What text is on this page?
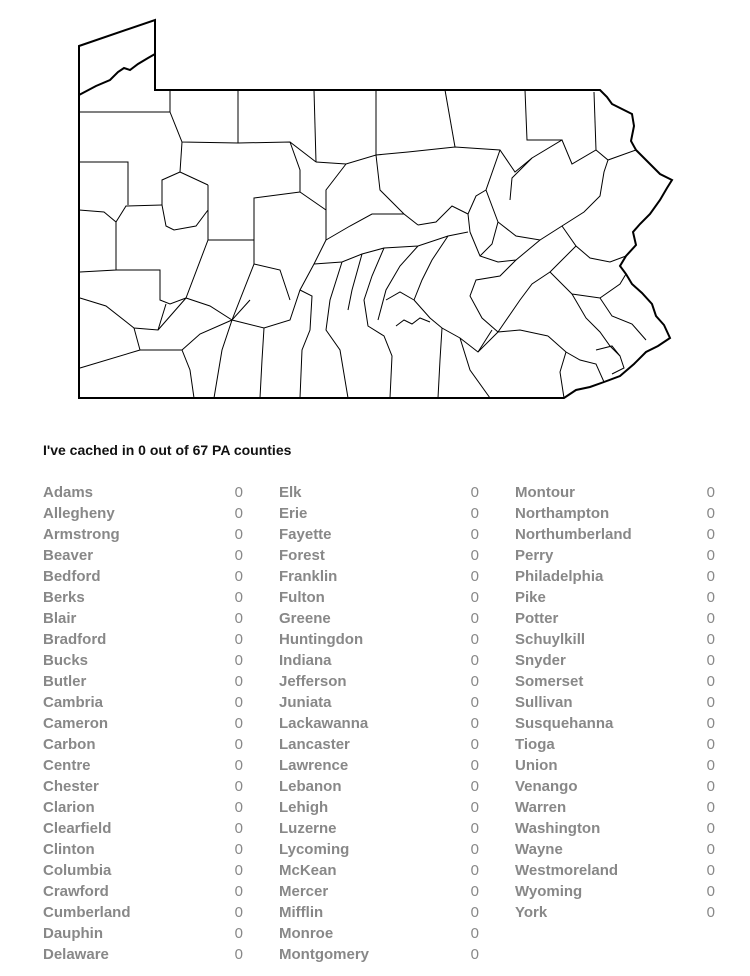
I've cached in 0 out of 67 PA counties
Adams	0
Allegheny	0
Armstrong	0
Beaver	0
Bedford	0
Berks	0
Blair	0
Bradford	0
Bucks	0
Butler	0
Cambria	0
Cameron	0
Carbon	0
Centre	0
Chester	0
Clarion	0
Clearfield	0
Clinton	0
Columbia	0
Crawford	0
Cumberland	0
Dauphin	0
Delaware	0
Elk	0
Erie	0
Fayette	0
Forest	0
Franklin	0
Fulton	0
Greene	0
Huntingdon	0
Indiana	0
Jefferson	0
Juniata	0
Lackawanna	0
Lancaster	0
Lawrence	0
Lebanon	0
Lehigh	0
Luzerne	0
Lycoming	0
McKean	0
Mercer	0
Mifflin	0
Monroe	0
Montgomery	0
Montour	0
Northampton	0
Northumberland	0
Perry	0
Philadelphia	0
Pike	0
Potter	0
Schuylkill	0
Snyder	0
Somerset	0
Sullivan	0
Susquehanna	0
Tioga	0
Union	0
Venango	0
Warren	0
Washington	0
Wayne	0
Westmoreland	0
Wyoming	0
York	0
